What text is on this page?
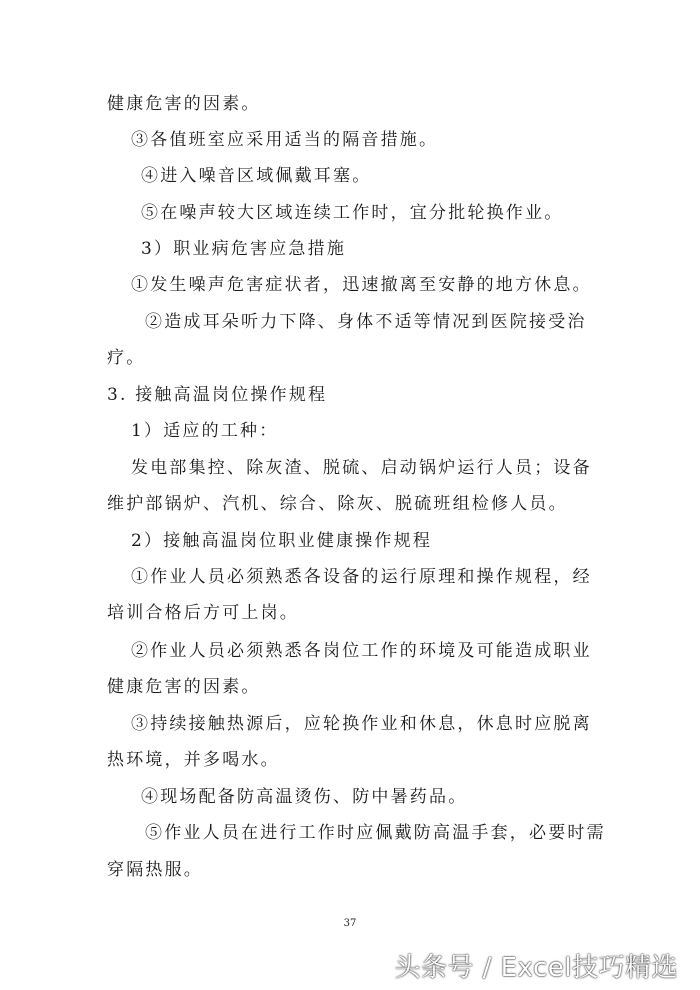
健康危害的因素。
③各值班室应采用适当的隔音措施。
④进入噪音区域佩戴耳塞。
⑤在噪声较大区域连续工作时，宜分批轮换作业。
3）职业病危害应急措施
①发生噪声危害症状者，迅速撤离至安静的地方休息。
②造成耳朵听力下降、身体不适等情况到医院接受治
疗。
3. 接触高温岗位操作规程
1）适应的工种：
发电部集控、除灰渣、脱硫、启动锅炉运行人员；设备
维护部锅炉、汽机、综合、除灰、脱硫班组检修人员。
2）接触高温岗位职业健康操作规程
①作业人员必须熟悉各设备的运行原理和操作规程，经
培训合格后方可上岗。
②作业人员必须熟悉各岗位工作的环境及可能造成职业
健康危害的因素。
③持续接触热源后，应轮换作业和休息，休息时应脱离
热环境，并多喝水。
④现场配备防高温烫伤、防中暑药品。
⑤作业人员在进行工作时应佩戴防高温手套，必要时需
穿隔热服。
37
头条号 / Excel技巧精选
